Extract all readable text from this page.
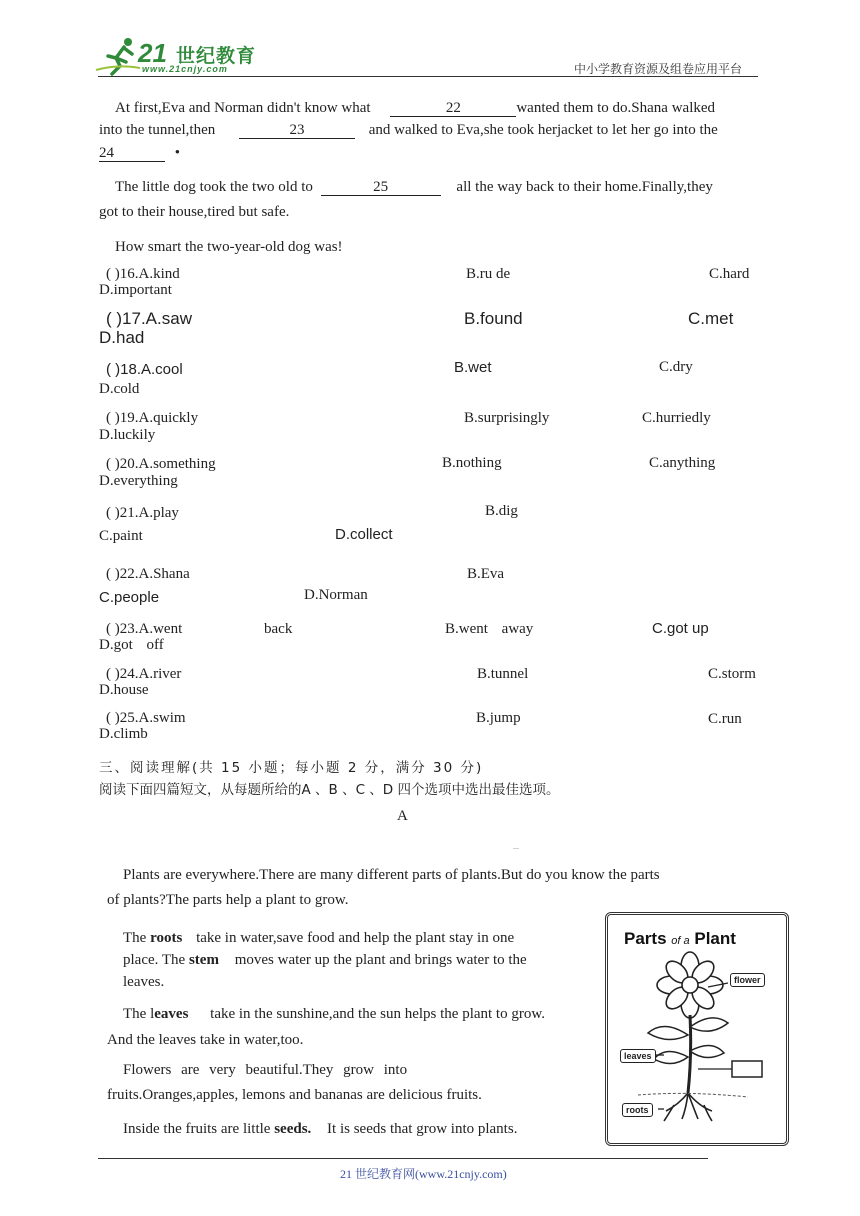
21 世纪教育
www.21cnjy.com	中小学教育资源及组卷应用平台
At first,Eva and Norman didn't know what	22	wanted them to do.Shana walked
into the tunnel,then	23	and walked to Eva,she took herjacket to let her go into the
24	•
The little dog took the two old to	25	all the way back to their home.Finally,they
got to their house,tired but safe.
How smart the two-year-old dog was!
( )16.A.kind	B.ru de	C.hard
D.important
( )17.A.saw	B.found	C.met
D.had
( )18.A.cool	B.wet	C.dry
D.cold
( )19.A.quickly	B.surprisingly	C.hurriedly
D.luckily
( )20.A.something	B.nothing	C.anything
D.everything
( )21.A.play	B.dig
C.paint	D.collect
( )22.A.Shana	B.Eva
C.people	D.Norman
( )23.A.went	back	B.went away	C.got up
D.got off
( )24.A.river	B.tunnel	C.storm
D.house
( )25.A.swim	B.jump	C.run
D.climb
三、阅读理解(共 15 小题；每小题 2 分，满分 30 分)
阅读下面四篇短文，从每题所给的A 、B 、C 、D 四个选项中选出最佳选项。
A
...
Plants are everywhere.There are many different parts of plants.But do you know the parts
of plants?The parts help a plant to grow.
The roots take in water,save food and help the plant stay in one
place. The stem moves water up the plant and brings water to the
leaves.
The leaves take in the sunshine,and the sun helps the plant to grow.
And the leaves take in water,too.
Flowers are very beautiful.They grow into
fruits.Oranges,apples, lemons and bananas are delicious fruits.
Inside the fruits are little seeds. It is seeds that grow into plants.
Parts of a Plant
flower
leaves
roots
21 世纪教育网(www.21cnjy.com)
